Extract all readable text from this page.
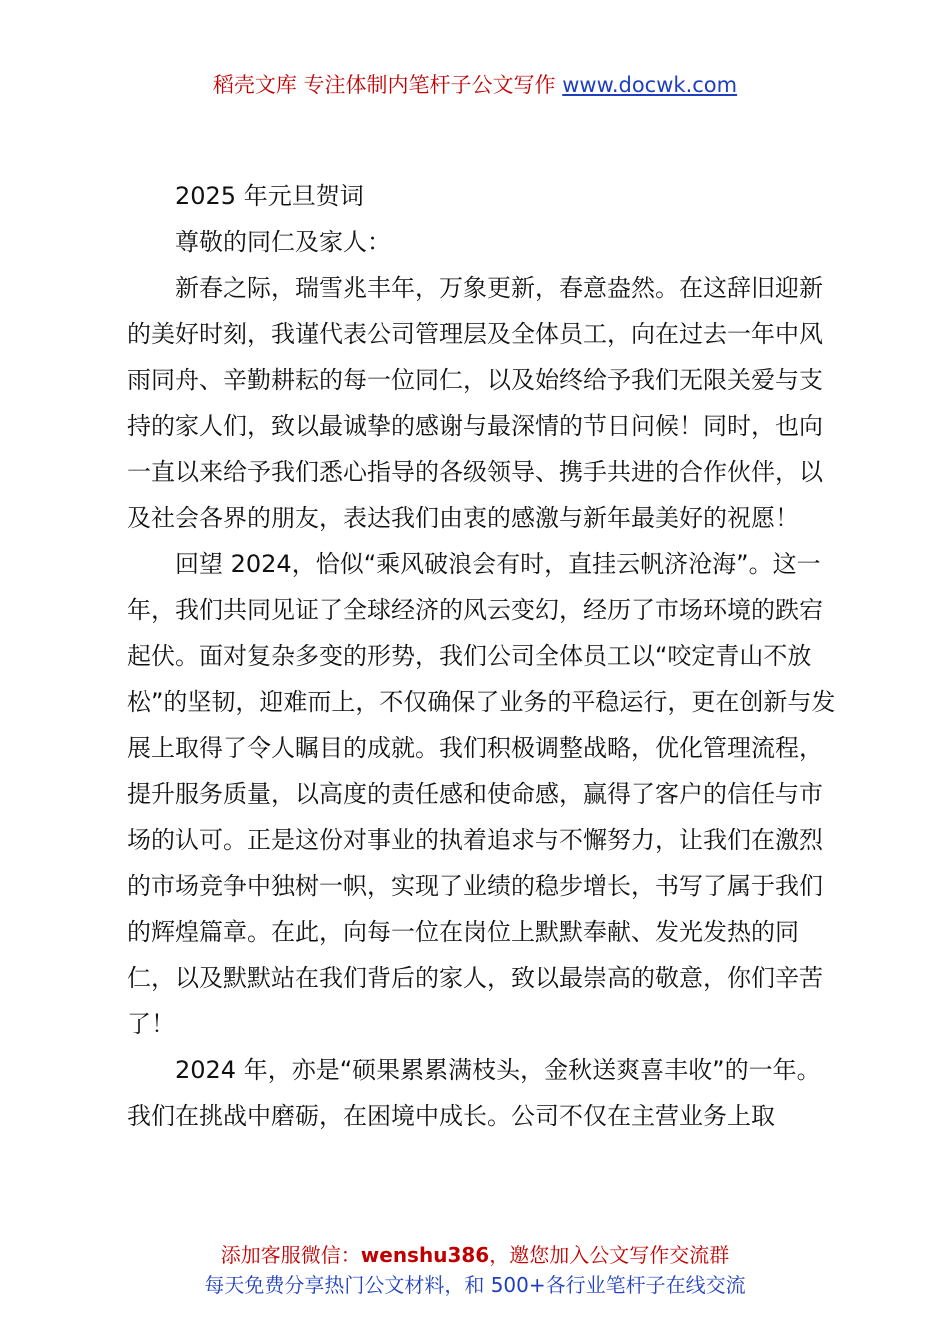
稻壳文库 专注体制内笔杆子公文写作 www.docwk.com

2025 年元旦贺词

尊敬的同仁及家人：

新春之际，瑞雪兆丰年，万象更新，春意盎然。在这辞旧迎新的美好时刻，我谨代表公司管理层及全体员工，向在过去一年中风雨同舟、辛勤耕耘的每一位同仁，以及始终给予我们无限关爱与支持的家人们，致以最诚挚的感谢与最深情的节日问候！同时，也向一直以来给予我们悉心指导的各级领导、携手共进的合作伙伴，以及社会各界的朋友，表达我们由衷的感激与新年最美好的祝愿！

回望 2024，恰似“乘风破浪会有时，直挂云帆济沧海”。这一年，我们共同见证了全球经济的风云变幻，经历了市场环境的跌宕起伏。面对复杂多变的形势，我们公司全体员工以“咬定青山不放松”的坚韧，迎难而上，不仅确保了业务的平稳运行，更在创新与发展上取得了令人瞩目的成就。我们积极调整战略，优化管理流程，提升服务质量，以高度的责任感和使命感，赢得了客户的信任与市场的认可。正是这份对事业的执着追求与不懈努力，让我们在激烈的市场竞争中独树一帜，实现了业绩的稳步增长，书写了属于我们的辉煌篇章。在此，向每一位在岗位上默默奉献、发光发热的同仁，以及默默站在我们背后的家人，致以最崇高的敬意，你们辛苦了！

2024 年，亦是“硕果累累满枝头，金秋送爽喜丰收”的一年。我们在挑战中磨砺，在困境中成长。公司不仅在主营业务上取

添加客服微信：wenshu386，邀您加入公文写作交流群
每天免费分享热门公文材料，和 500+各行业笔杆子在线交流
